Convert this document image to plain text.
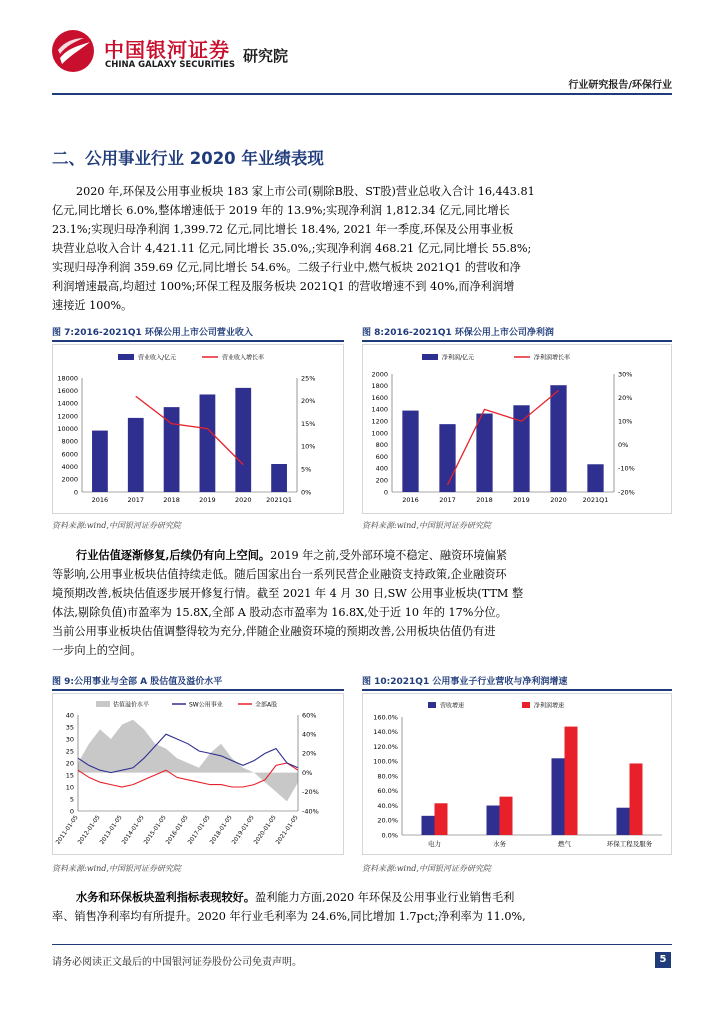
中国银河证券
CHINA GALAXY SECURITIES 研究院
行业研究报告/环保行业
二、公用事业行业 2020 年业绩表现
2020 年,环保及公用事业板块 183 家上市公司(剔除B股、ST股)营业总收入合计 16,443.81
亿元,同比增长 6.0%,整体增速低于 2019 年的 13.9%;实现净利润 1,812.34 亿元,同比增长
23.1%;实现归母净利润 1,399.72 亿元,同比增长 18.4%, 2021 年一季度,环保及公用事业板
块营业总收入合计 4,421.11 亿元,同比增长 35.0%,;实现净利润 468.21 亿元,同比增长 55.8%;
实现归母净利润 359.69 亿元,同比增长 54.6%。二级子行业中,燃气板块 2021Q1 的营收和净
利润增速最高,均超过 100%;环保工程及服务板块 2021Q1 的营收增速不到 40%,而净利润增
速接近 100%。
图 7:2016-2021Q1 环保公用上市公司营业收入
0
2000
4000
6000
8000
10000
12000
14000
16000
18000
0%
5%
10%
15%
20%
25%
2016	2017	2018	2019	2020 2021Q1
营业收入/亿元	营业收入增长率
资料来源:wind,中国银河证券研究院
图 8:2016-2021Q1 环保公用上市公司净利润
0
200
400
600
800
1000
1200
1400
1600
1800
2000
-20%
-10%
0%
10%
20%
30%
2016	2017	2018	2019	2020 2021Q1
净利润/亿元	净利润增长率
资料来源:wind,中国银河证券研究院
行业估值逐渐修复,后续仍有向上空间。2019 年之前,受外部环境不稳定、融资环境偏紧
等影响,公用事业板块估值持续走低。随后国家出台一系列民营企业融资支持政策,企业融资环
境预期改善,板块估值逐步展开修复行情。截至 2021 年 4 月 30 日,SW 公用事业板块(TTM 整
体法,剔除负值)市盈率为 15.8X,全部 A 股动态市盈率为 16.8X,处于近 10 年的 17%分位。
当前公用事业板块估值调整得较为充分,伴随企业融资环境的预期改善,公用板块估值仍有进
一步向上的空间。
图 9:公用事业与全部 A 股估值及溢价水平
0
5
10
15
20
25
30
35
40
-40%
-20%
0%
20%
40%
60%
2011-01-05
2012-01-05
2013-01-05
2014-01-05
2015-01-05
2016-01-05
2017-01-05
2018-01-05
2019-01-05
2020-01-05
2021-01-05
估值溢价水平	SW公用事业	全部A股
资料来源:wind,中国银河证券研究院
图 10:2021Q1 公用事业子行业营收与净利润增速
0.0%
20.0%
40.0%
60.0%
80.0%
100.0%
120.0%
140.0%
160.0%
电力	水务	燃气	环保工程及服务
营收增速	净利润增速
资料来源:wind,中国银河证券研究院
水务和环保板块盈利指标表现较好。盈利能力方面,2020 年环保及公用事业行业销售毛利
率、销售净利率均有所提升。2020 年行业毛利率为 24.6%,同比增加 1.7pct;净利率为 11.0%,
请务必阅读正文最后的中国银河证券股份公司免责声明。	5
